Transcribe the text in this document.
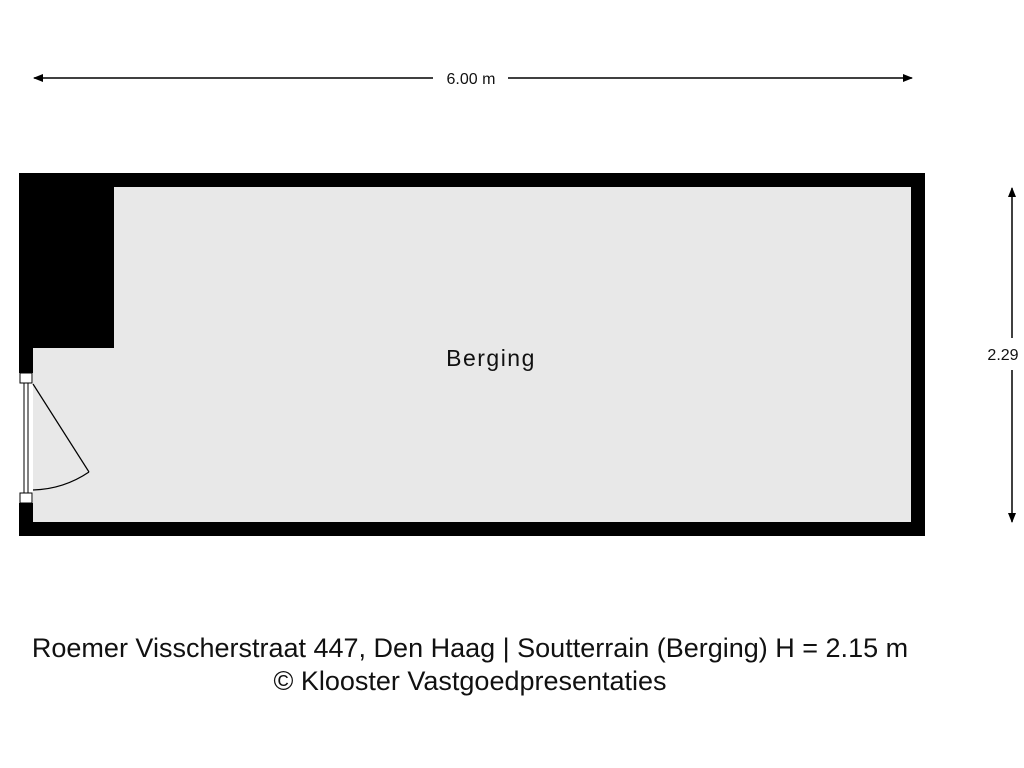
6.00 m
2.29
Berging
Roemer Visscherstraat 447, Den Haag | Soutterrain (Berging) H = 2.15 m
© Klooster Vastgoedpresentaties
